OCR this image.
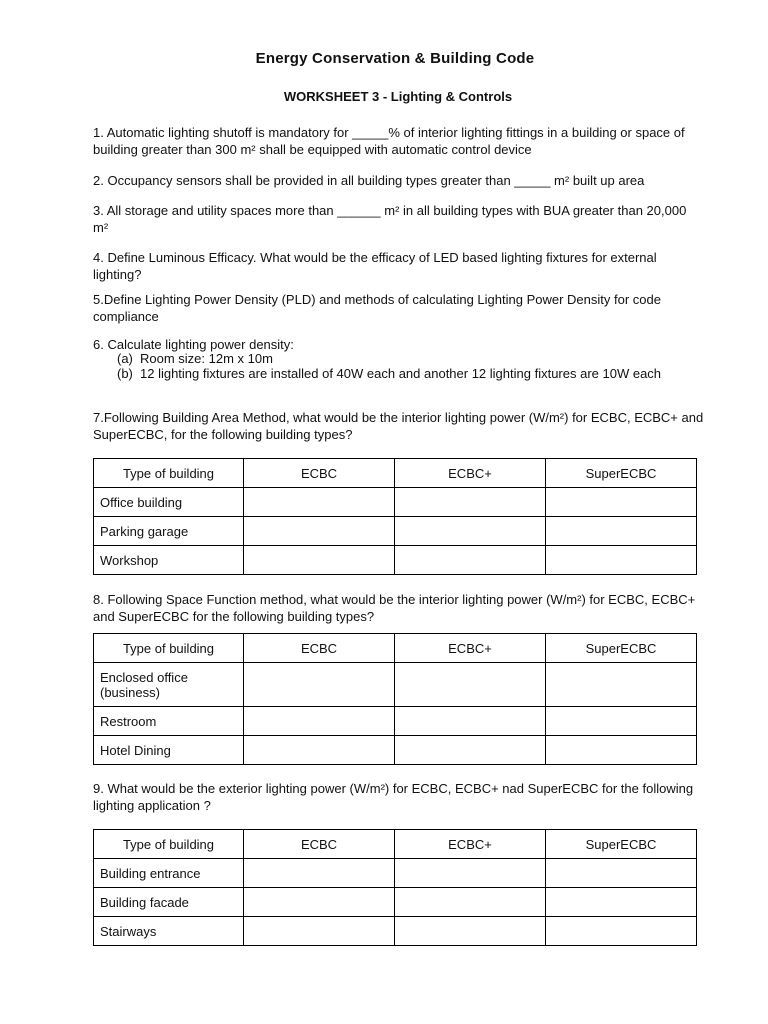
Energy Conservation & Building Code
WORKSHEET 3 - Lighting & Controls
1. Automatic lighting shutoff is mandatory for _____% of interior lighting fittings in a building or space of building greater than 300 m² shall be equipped with automatic control device
2. Occupancy sensors shall be provided in all building types greater than _____ m² built up area
3. All storage and utility spaces more than ______ m² in all building types with BUA greater than 20,000 m²
4. Define Luminous Efficacy. What would be the efficacy of LED based lighting fixtures for external lighting?
5.Define Lighting Power Density (PLD) and methods of calculating Lighting Power Density for code compliance
6. Calculate lighting power density:
(a) Room size: 12m x 10m
(b) 12 lighting fixtures are installed of 40W each and another 12 lighting fixtures are 10W each
7.Following Building Area Method, what would be the interior lighting power (W/m²) for ECBC, ECBC+ and SuperECBC, for the following building types?
Type of building	ECBC	ECBC+	SuperECBC
Office building			
Parking garage			
Workshop			
8. Following Space Function method, what would be the interior lighting power (W/m²) for ECBC, ECBC+ and SuperECBC for the following building types?
Type of building	ECBC	ECBC+	SuperECBC
Enclosed office (business)			
Restroom			
Hotel Dining			
9. What would be the exterior lighting power (W/m²) for ECBC, ECBC+ nad SuperECBC for the following lighting application ?
Type of building	ECBC	ECBC+	SuperECBC
Building entrance			
Building facade			
Stairways			
